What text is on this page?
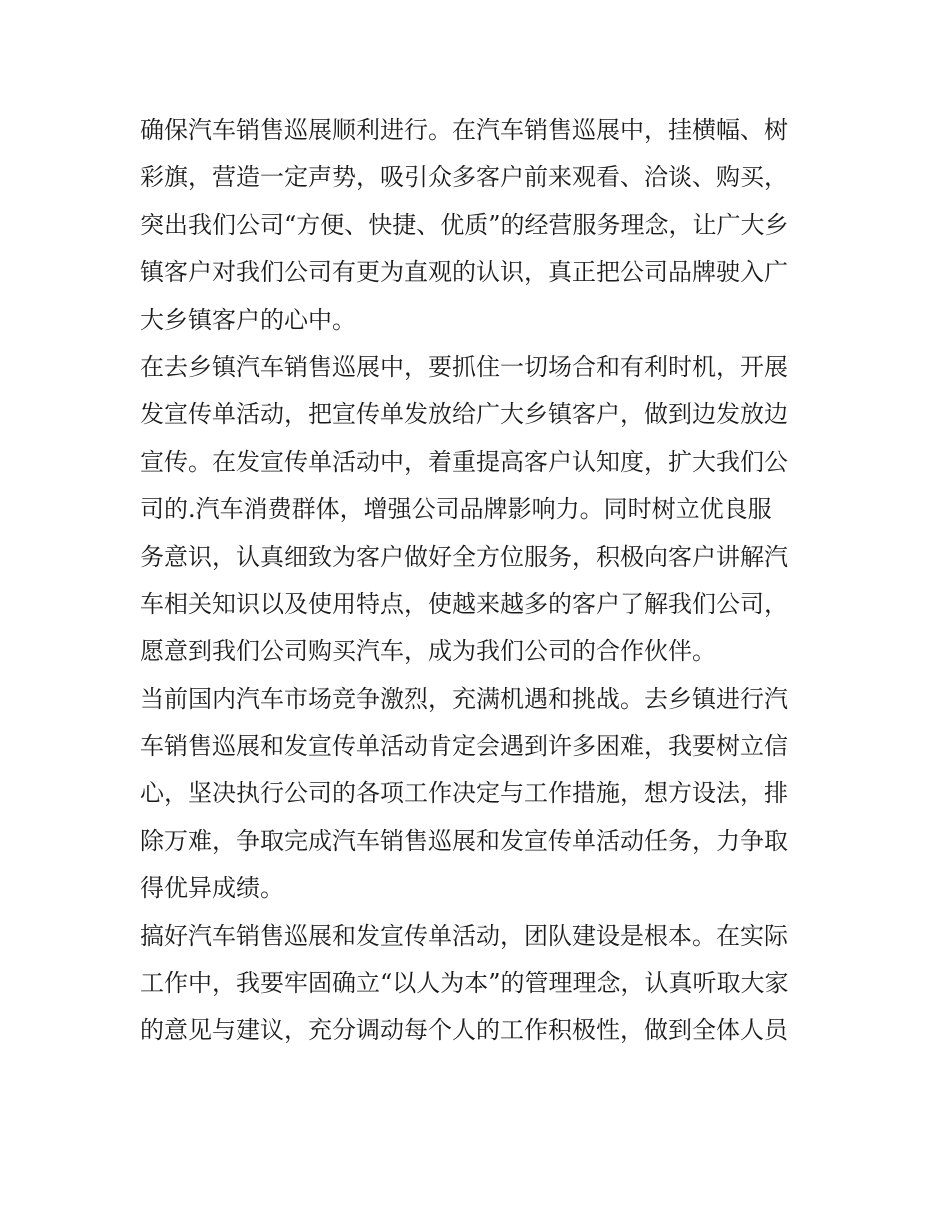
确保汽车销售巡展顺利进行。在汽车销售巡展中，挂横幅、树
彩旗，营造一定声势，吸引众多客户前来观看、洽谈、购买，
突出我们公司“方便、快捷、优质”的经营服务理念，让广大乡
镇客户对我们公司有更为直观的认识，真正把公司品牌驶入广
大乡镇客户的心中。
在去乡镇汽车销售巡展中，要抓住一切场合和有利时机，开展
发宣传单活动，把宣传单发放给广大乡镇客户，做到边发放边
宣传。在发宣传单活动中，着重提高客户认知度，扩大我们公
司的.汽车消费群体，增强公司品牌影响力。同时树立优良服
务意识，认真细致为客户做好全方位服务，积极向客户讲解汽
车相关知识以及使用特点，使越来越多的客户了解我们公司，
愿意到我们公司购买汽车，成为我们公司的合作伙伴。
当前国内汽车市场竞争激烈，充满机遇和挑战。去乡镇进行汽
车销售巡展和发宣传单活动肯定会遇到许多困难，我要树立信
心，坚决执行公司的各项工作决定与工作措施，想方设法，排
除万难，争取完成汽车销售巡展和发宣传单活动任务，力争取
得优异成绩。
搞好汽车销售巡展和发宣传单活动，团队建设是根本。在实际
工作中，我要牢固确立“以人为本”的管理理念，认真听取大家
的意见与建议，充分调动每个人的工作积极性，做到全体人员
